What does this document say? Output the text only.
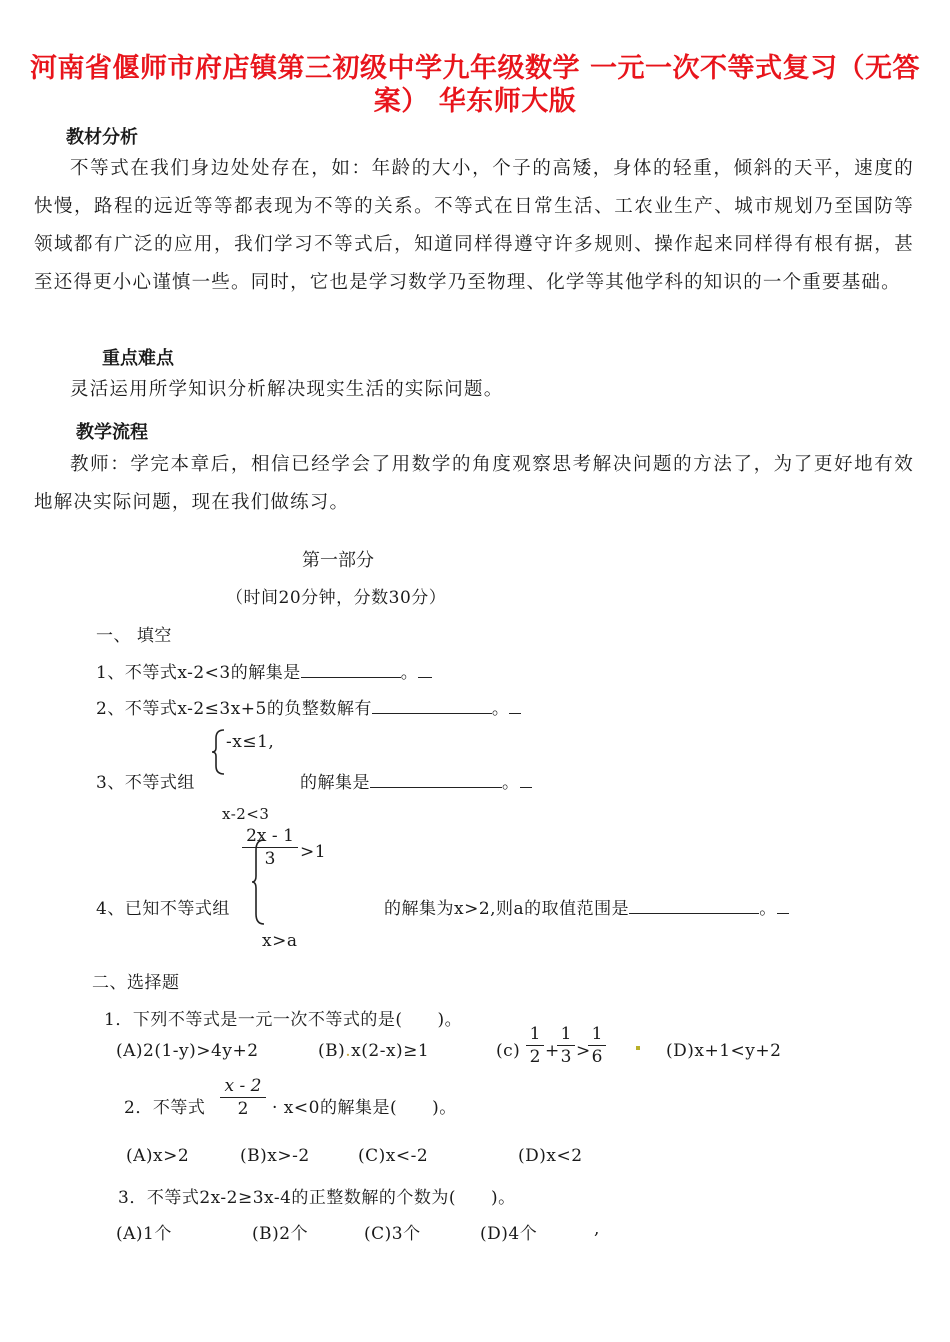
河南省偃师市府店镇第三初级中学九年级数学 一元一次不等式复习（无答案） 华东师大版
教材分析
不等式在我们身边处处存在，如：年龄的大小，个子的高矮，身体的轻重，倾斜的天平，速度的快慢，路程的远近等等都表现为不等的关系。不等式在日常生活、工农业生产、城市规划乃至国防等领域都有广泛的应用，我们学习不等式后，知道同样得遵守许多规则、操作起来同样得有根有据，甚至还得更小心谨慎一些。同时，它也是学习数学乃至物理、化学等其他学科的知识的一个重要基础。
重点难点
灵活运用所学知识分析解决现实生活的实际问题。
教学流程
教师：学完本章后，相信已经学会了用数学的角度观察思考解决问题的方法了，为了更好地有效地解决实际问题，现在我们做练习。
第一部分
（时间20分钟，分数30分）
一、 填空
1、不等式x-2<3的解集是	。
2、不等式x-2≤3x+5的负整数解有	。
-x≤1,
3、不等式组	的解集是	。
x-2<3
2x - 1
3	>1
4、已知不等式组	的解集为x>2,则a的取值范围是	。
x>a
二、选择题
1．下列不等式是一元一次不等式的是(　　)。
(A)2(1-y)>4y+2	(B).x(2-x)≥1	(c)
1
2 +
1
3 >
1
6	(D)x+1<y+2
2．不等式
x - 2
2	· x<0的解集是(　　)。
(A)x>2	(B)x>-2	(C)x<-2	(D)x<2
3．不等式2x-2≥3x-4的正整数解的个数为(　　)。
(A)1个	(B)2个	(C)3个	(D)4个	,
